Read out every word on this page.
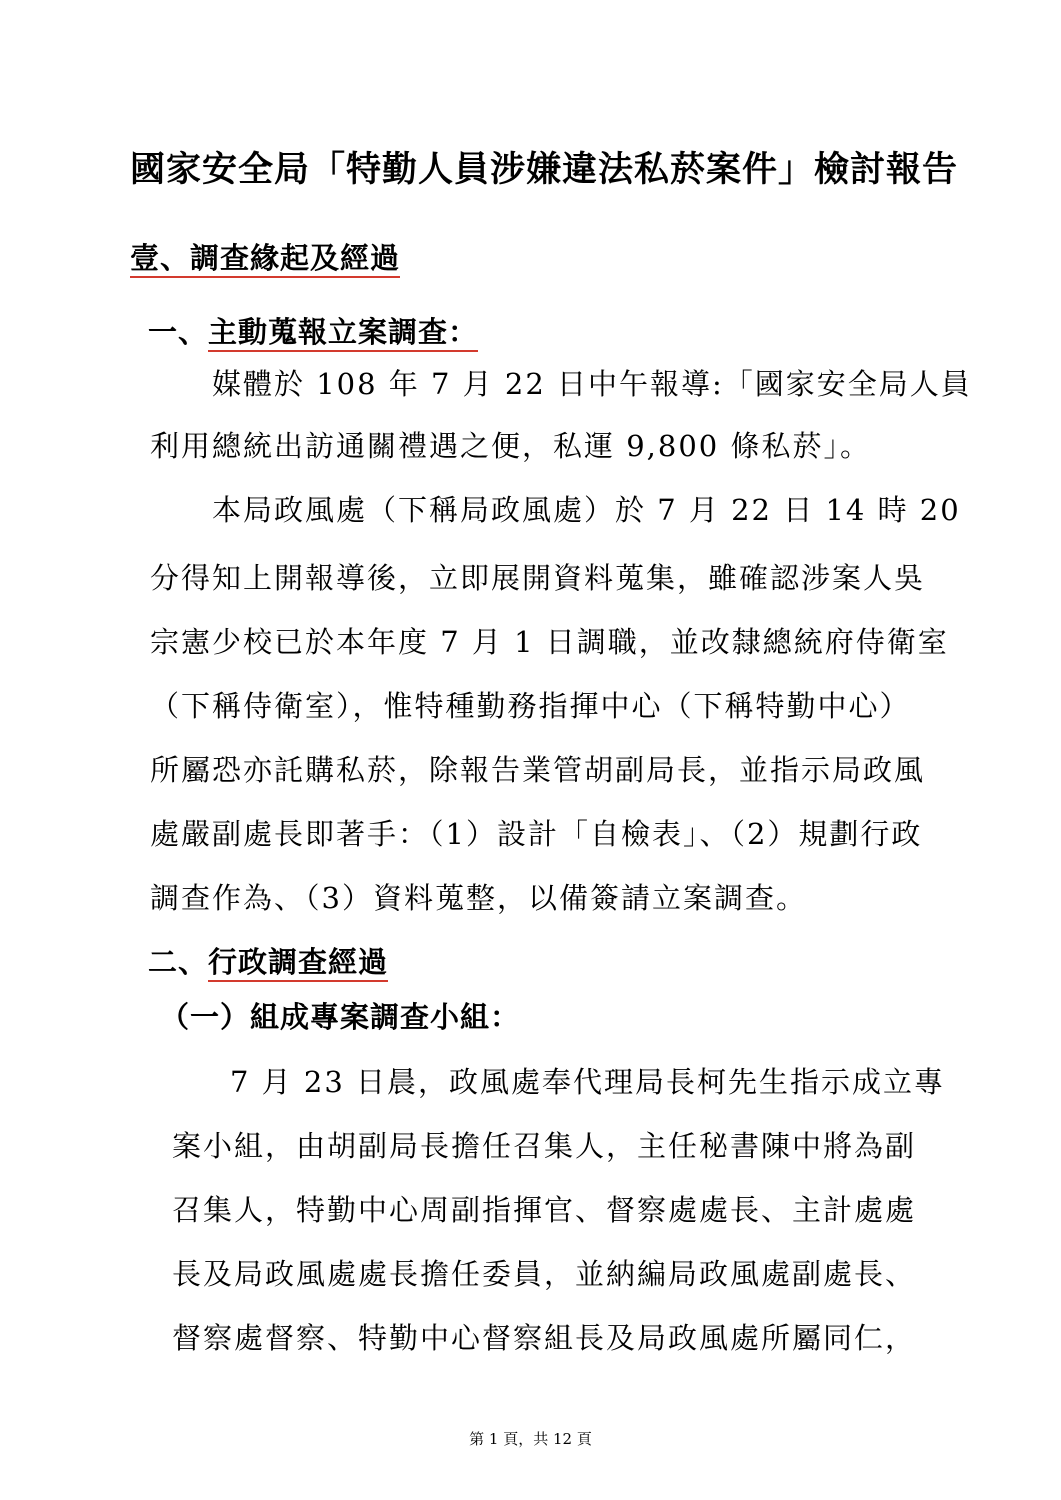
國家安全局「特勤人員涉嫌違法私菸案件」檢討報告
壹、調查緣起及經過
一、主動蒐報立案調查：
媒體於 108 年 7 月 22 日中午報導:「國家安全局人員
利用總統出訪通關禮遇之便，私運 9,800 條私菸」。
本局政風處（下稱局政風處）於 7 月 22 日 14 時 20
分得知上開報導後，立即展開資料蒐集，雖確認涉案人吳
宗憲少校已於本年度 7 月 1 日調職，並改隸總統府侍衛室
（下稱侍衛室），惟特種勤務指揮中心（下稱特勤中心）
所屬恐亦託購私菸，除報告業管胡副局長，並指示局政風
處嚴副處長即著手：（1）設計「自檢表」、（2）規劃行政
調查作為、（3）資料蒐整，以備簽請立案調查。
二、行政調查經過
（一）組成專案調查小組：
7 月 23 日晨，政風處奉代理局長柯先生指示成立專
案小組，由胡副局長擔任召集人，主任秘書陳中將為副
召集人，特勤中心周副指揮官、督察處處長、主計處處
長及局政風處處長擔任委員，並納編局政風處副處長、
督察處督察、特勤中心督察組長及局政風處所屬同仁，
第 1 頁，共 12 頁
